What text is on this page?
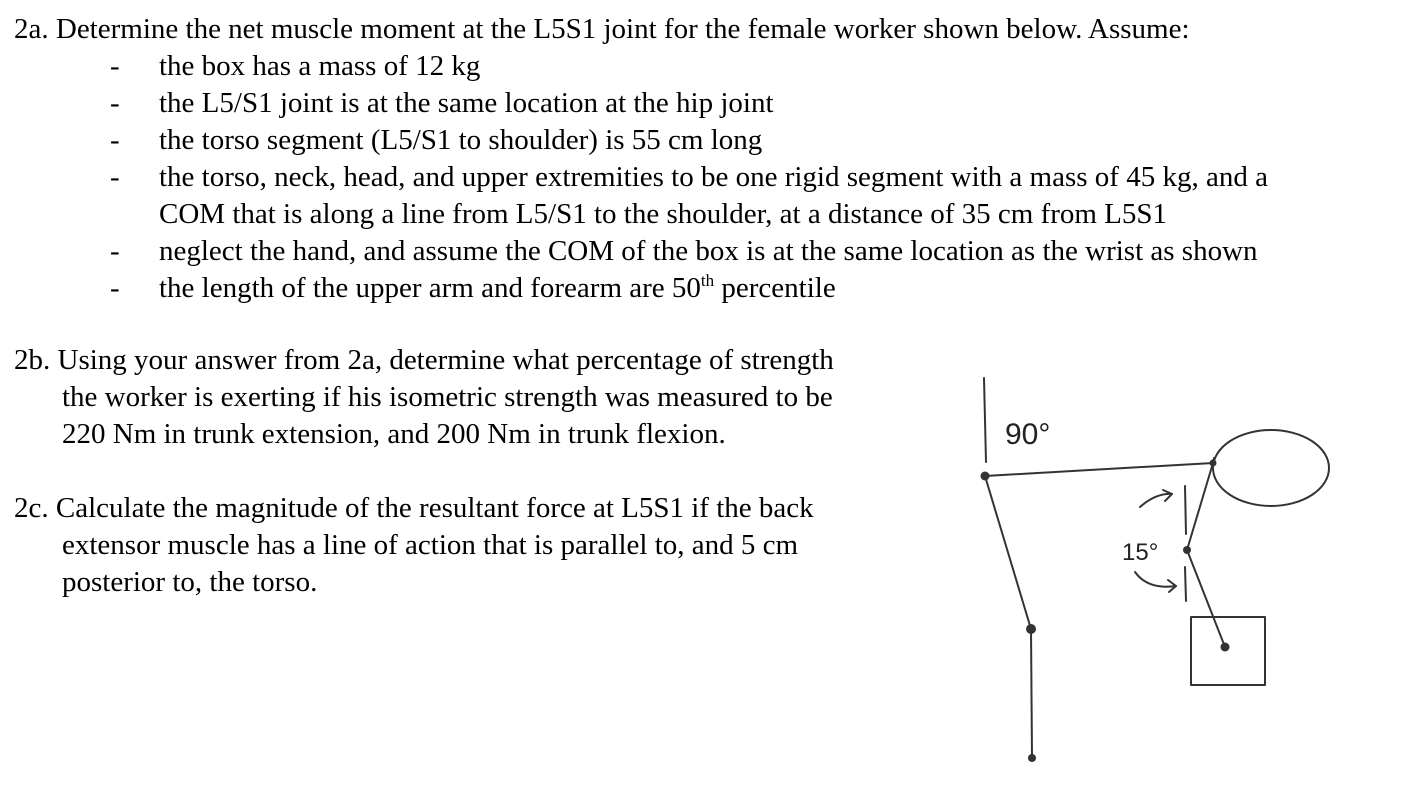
2a. Determine the net muscle moment at the L5S1 joint for the female worker shown below. Assume:
- the box has a mass of 12 kg
- the L5/S1 joint is at the same location at the hip joint
- the torso segment (L5/S1 to shoulder) is 55 cm long
- the torso, neck, head, and upper extremities to be one rigid segment with a mass of 45 kg, and a
COM that is along a line from L5/S1 to the shoulder, at a distance of 35 cm from L5S1
- neglect the hand, and assume the COM of the box is at the same location as the wrist as shown
- the length of the upper arm and forearm are 50th percentile
2b. Using your answer from 2a, determine what percentage of strength
the worker is exerting if his isometric strength was measured to be
220 Nm in trunk extension, and 200 Nm in trunk flexion.
2c. Calculate the magnitude of the resultant force at L5S1 if the back
extensor muscle has a line of action that is parallel to, and 5 cm
posterior to, the torso.
90°
15°
